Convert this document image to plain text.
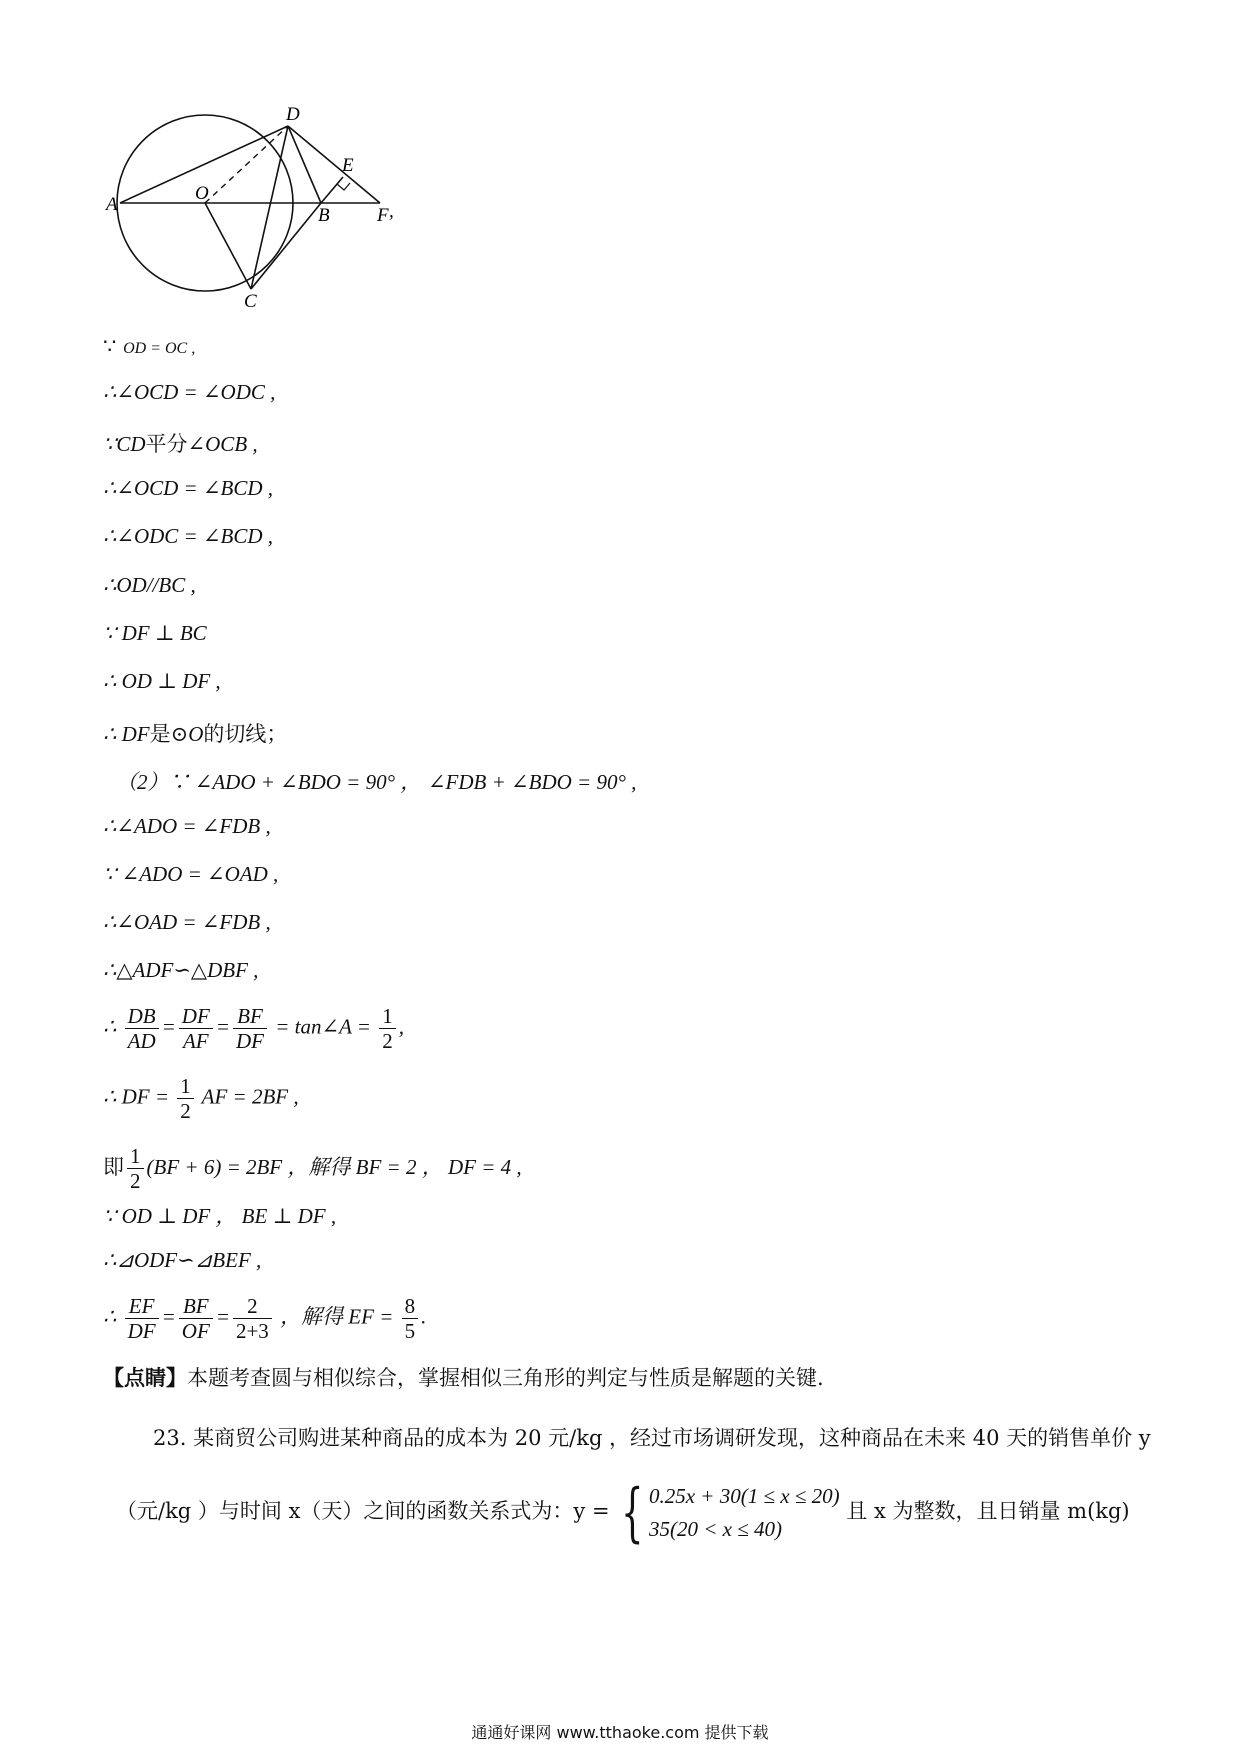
A
O
D
E
B F
C
,
∵ OD = OC ,
∴∠OCD = ∠ODC ,
∵CD平分∠OCB ,
∴∠OCD = ∠BCD ,
∴∠ODC = ∠BCD ,
∴OD//BC ,
∵ DF ⊥ BC
∴ OD ⊥ DF ,
∴ DF是⊙O的切线；
（2）∵ ∠ADO + ∠BDO = 90° ， ∠FDB + ∠BDO = 90° ,
∴∠ADO = ∠FDB ,
∵ ∠ADO = ∠OAD ,
∴∠OAD = ∠FDB ,
∴△ADF∽△DBF ,
∴ $\frac{DB}{AD} = \frac{DF}{AF} = \frac{BF}{DF}$ = tan∠A = $\frac{1}{2}$ ,
∴ DF = $\frac{1}{2}$ AF = 2BF ,
即 $\frac{1}{2} (BF + 6) = 2BF$ ，解得 BF = 2 ， DF = 4 ,
∵ OD ⊥ DF ， BE ⊥ DF ,
∴⊿ODF∽⊿BEF ,
∴ $\frac{EF}{DF} = \frac{BF}{OF} = \frac{2}{2+3}$ ，解得 EF = $\frac{8}{5}$ .
【点睛】本题考查圆与相似综合，掌握相似三角形的判定与性质是解题的关键.
23. 某商贸公司购进某种商品的成本为 20 元/kg ，经过市场调研发现，这种商品在未来 40 天的销售单价 y
（元/kg ）与时间 x（天）之间的函数关系式为：y = { 0.25x + 30(1 ≤ x ≤ 20)
35(20 < x ≤ 40)
且 x 为整数，且日销量 m(kg)
通通好课网 www.tthaoke.com 提供下载
